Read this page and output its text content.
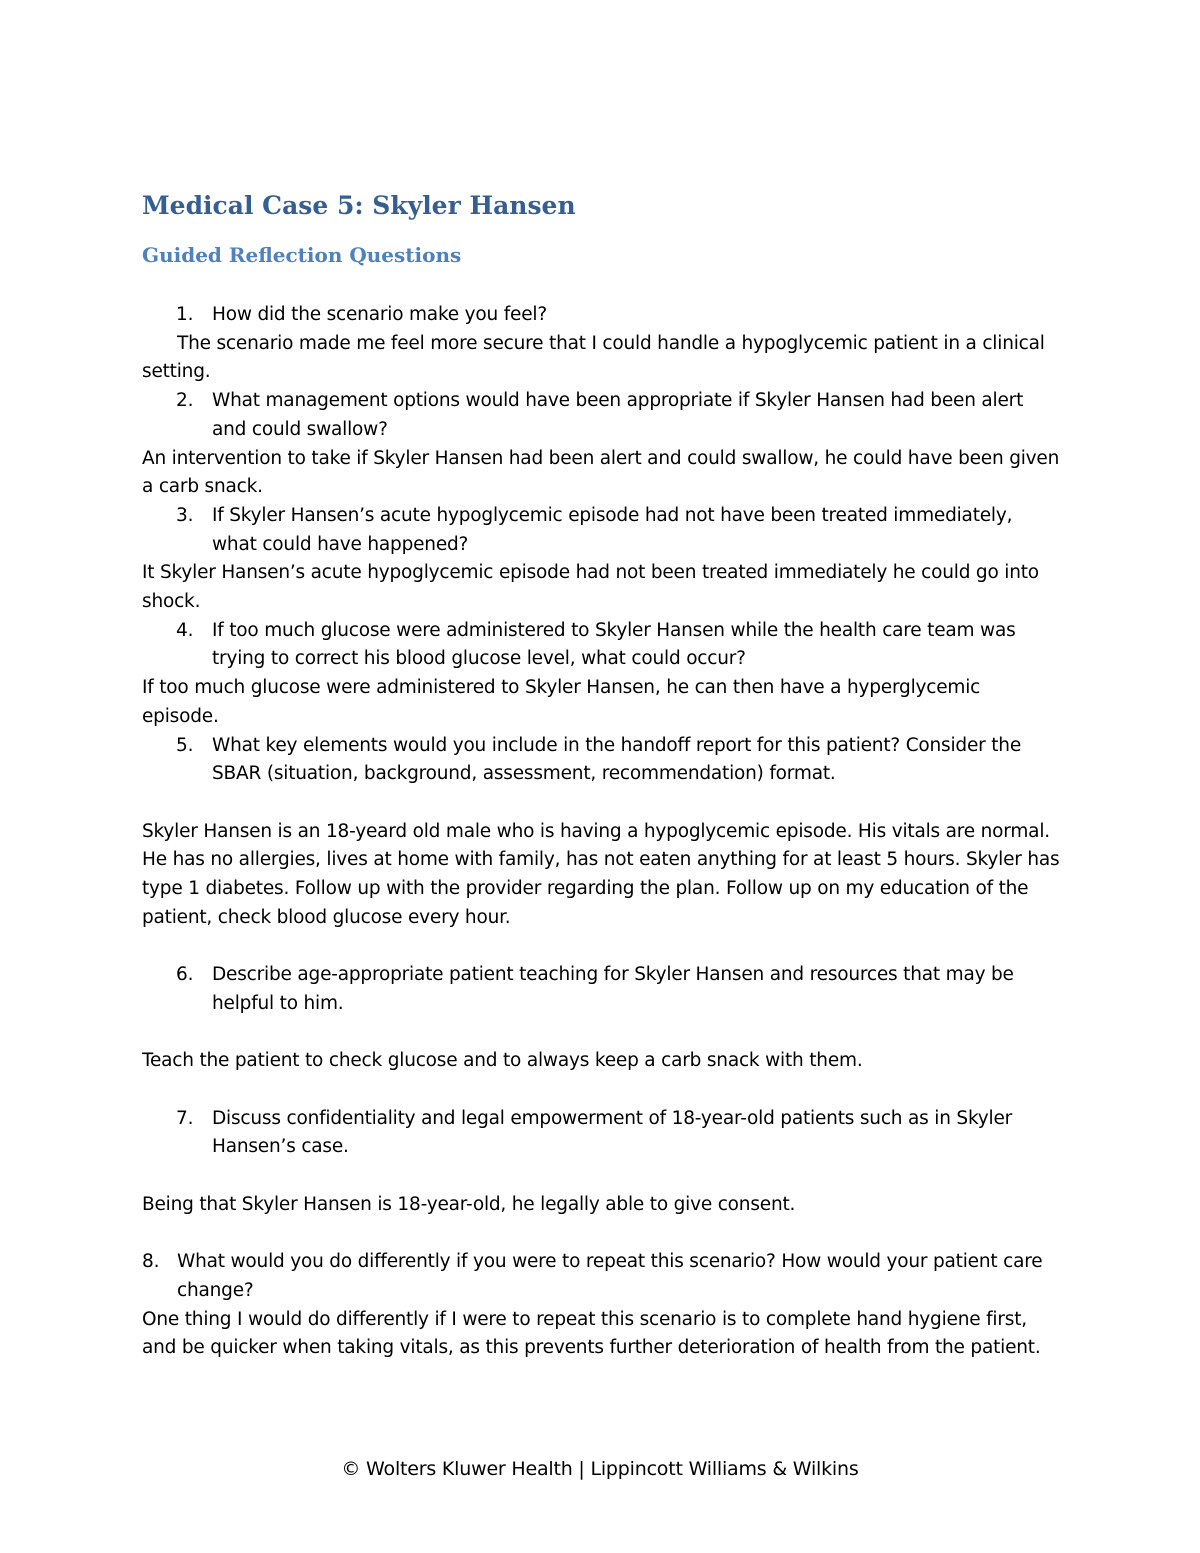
Medical Case 5: Skyler Hansen
Guided Reflection Questions
1. How did the scenario make you feel?
The scenario made me feel more secure that I could handle a hypoglycemic patient in a clinical setting.
2. What management options would have been appropriate if Skyler Hansen had been alert and could swallow?
An intervention to take if Skyler Hansen had been alert and could swallow, he could have been given a carb snack.
3. If Skyler Hansen’s acute hypoglycemic episode had not have been treated immediately, what could have happened?
It Skyler Hansen’s acute hypoglycemic episode had not been treated immediately he could go into shock.
4. If too much glucose were administered to Skyler Hansen while the health care team was trying to correct his blood glucose level, what could occur?
If too much glucose were administered to Skyler Hansen, he can then have a hyperglycemic episode.
5. What key elements would you include in the handoff report for this patient? Consider the SBAR (situation, background, assessment, recommendation) format.
Skyler Hansen is an 18-yeard old male who is having a hypoglycemic episode. His vitals are normal. He has no allergies, lives at home with family, has not eaten anything for at least 5 hours. Skyler has type 1 diabetes. Follow up with the provider regarding the plan. Follow up on my education of the patient, check blood glucose every hour.
6. Describe age-appropriate patient teaching for Skyler Hansen and resources that may be helpful to him.
Teach the patient to check glucose and to always keep a carb snack with them.
7. Discuss confidentiality and legal empowerment of 18-year-old patients such as in Skyler Hansen’s case.
Being that Skyler Hansen is 18-year-old, he legally able to give consent.
8. What would you do differently if you were to repeat this scenario? How would your patient care change?
One thing I would do differently if I were to repeat this scenario is to complete hand hygiene first, and be quicker when taking vitals, as this prevents further deterioration of health from the patient.
© Wolters Kluwer Health | Lippincott Williams & Wilkins
